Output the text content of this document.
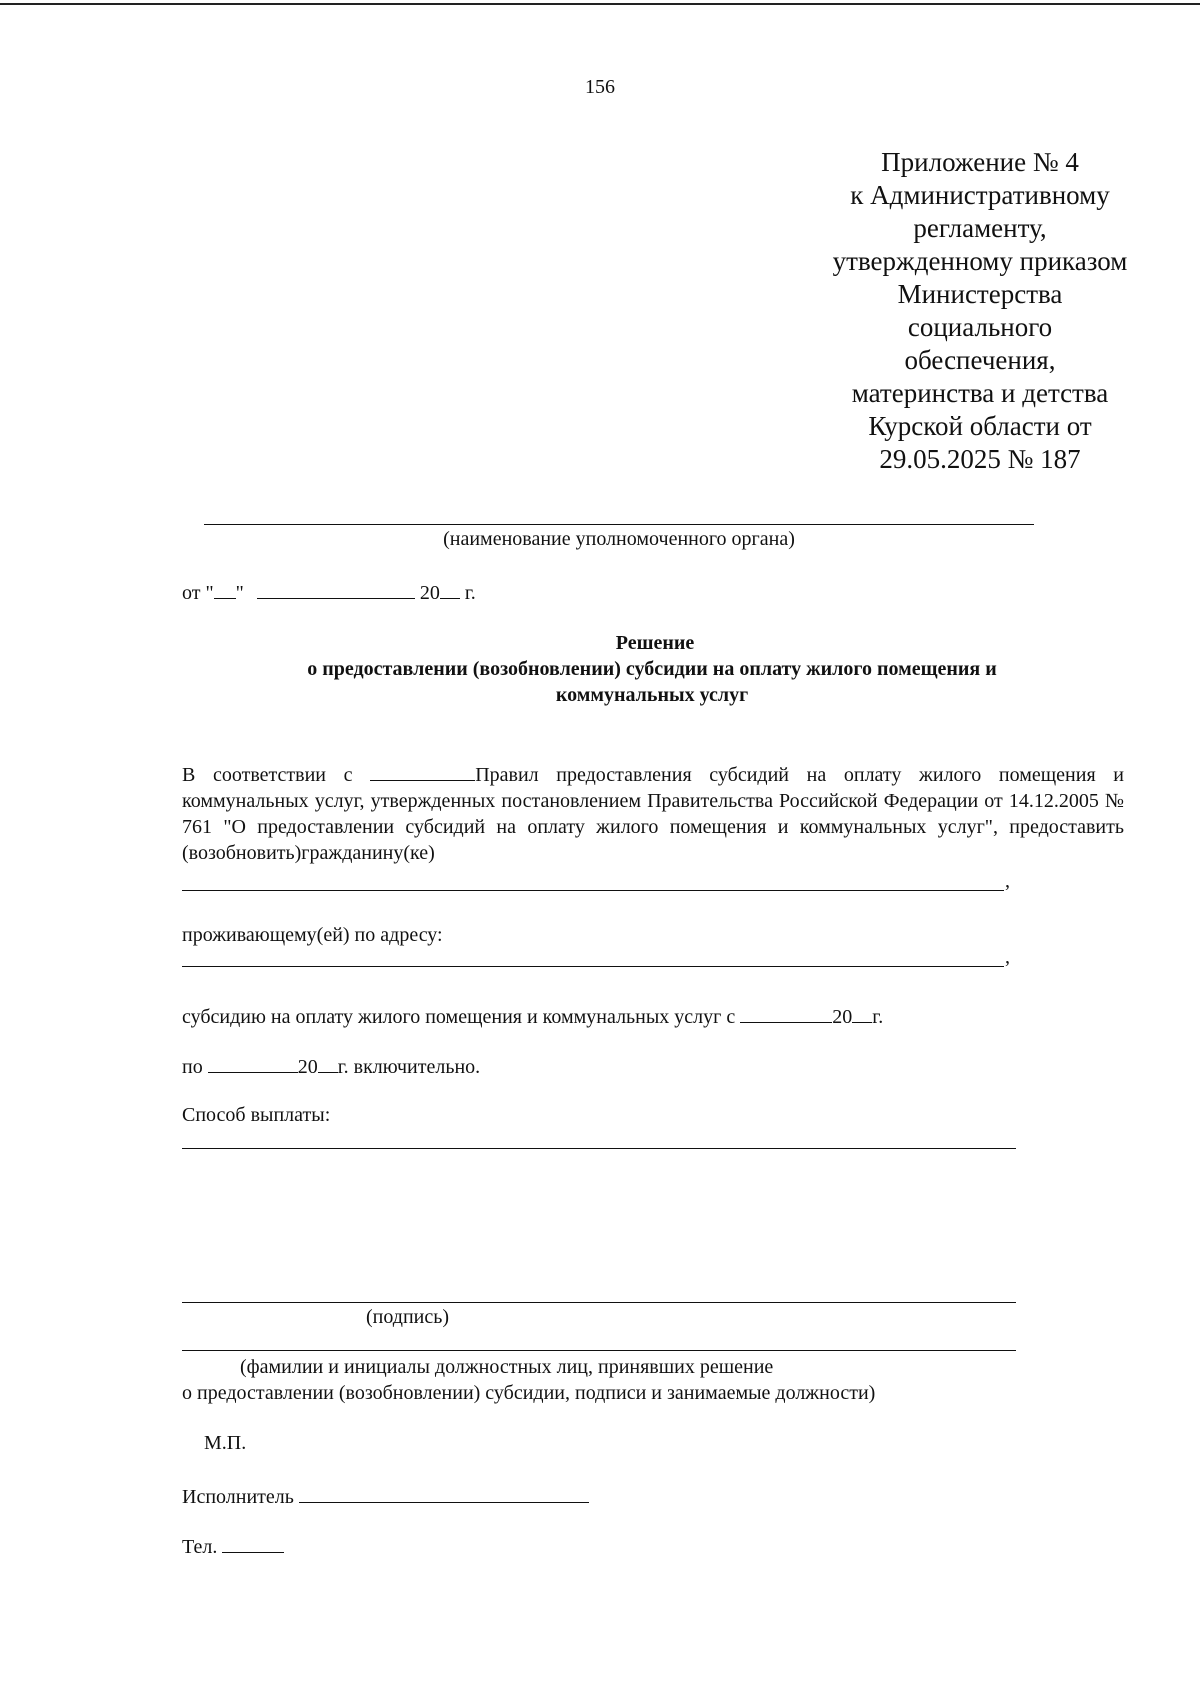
156
Приложение № 4
к Административному
регламенту,
утвержденному приказом
Министерства
социального
обеспечения,
материнства и детства
Курской области от
29.05.2025 № 187
(наименование уполномоченного органа)
от " "	20 г.
Решение
о предоставлении (возобновлении) субсидии на оплату жилого помещения и
коммунальных услуг
В соответствии с	Правил предоставления субсидий на оплату жилого помещения и коммунальных услуг, утвержденных постановлением Правительства Российской Федерации от 14.12.2005 № 761 "О предоставлении субсидий на оплату жилого помещения и коммунальных услуг", предоставить (возобновить)гражданину(ке)
,
проживающему(ей) по адресу:
,
субсидию на оплату жилого помещения и коммунальных услуг с	20 г.
по	20 г. включительно.
Способ выплаты:
(подпись)
(фамилии и инициалы должностных лиц, принявших решение
о предоставлении (возобновлении) субсидии, подписи и занимаемые должности)
М.П.
Исполнитель
Тел.
